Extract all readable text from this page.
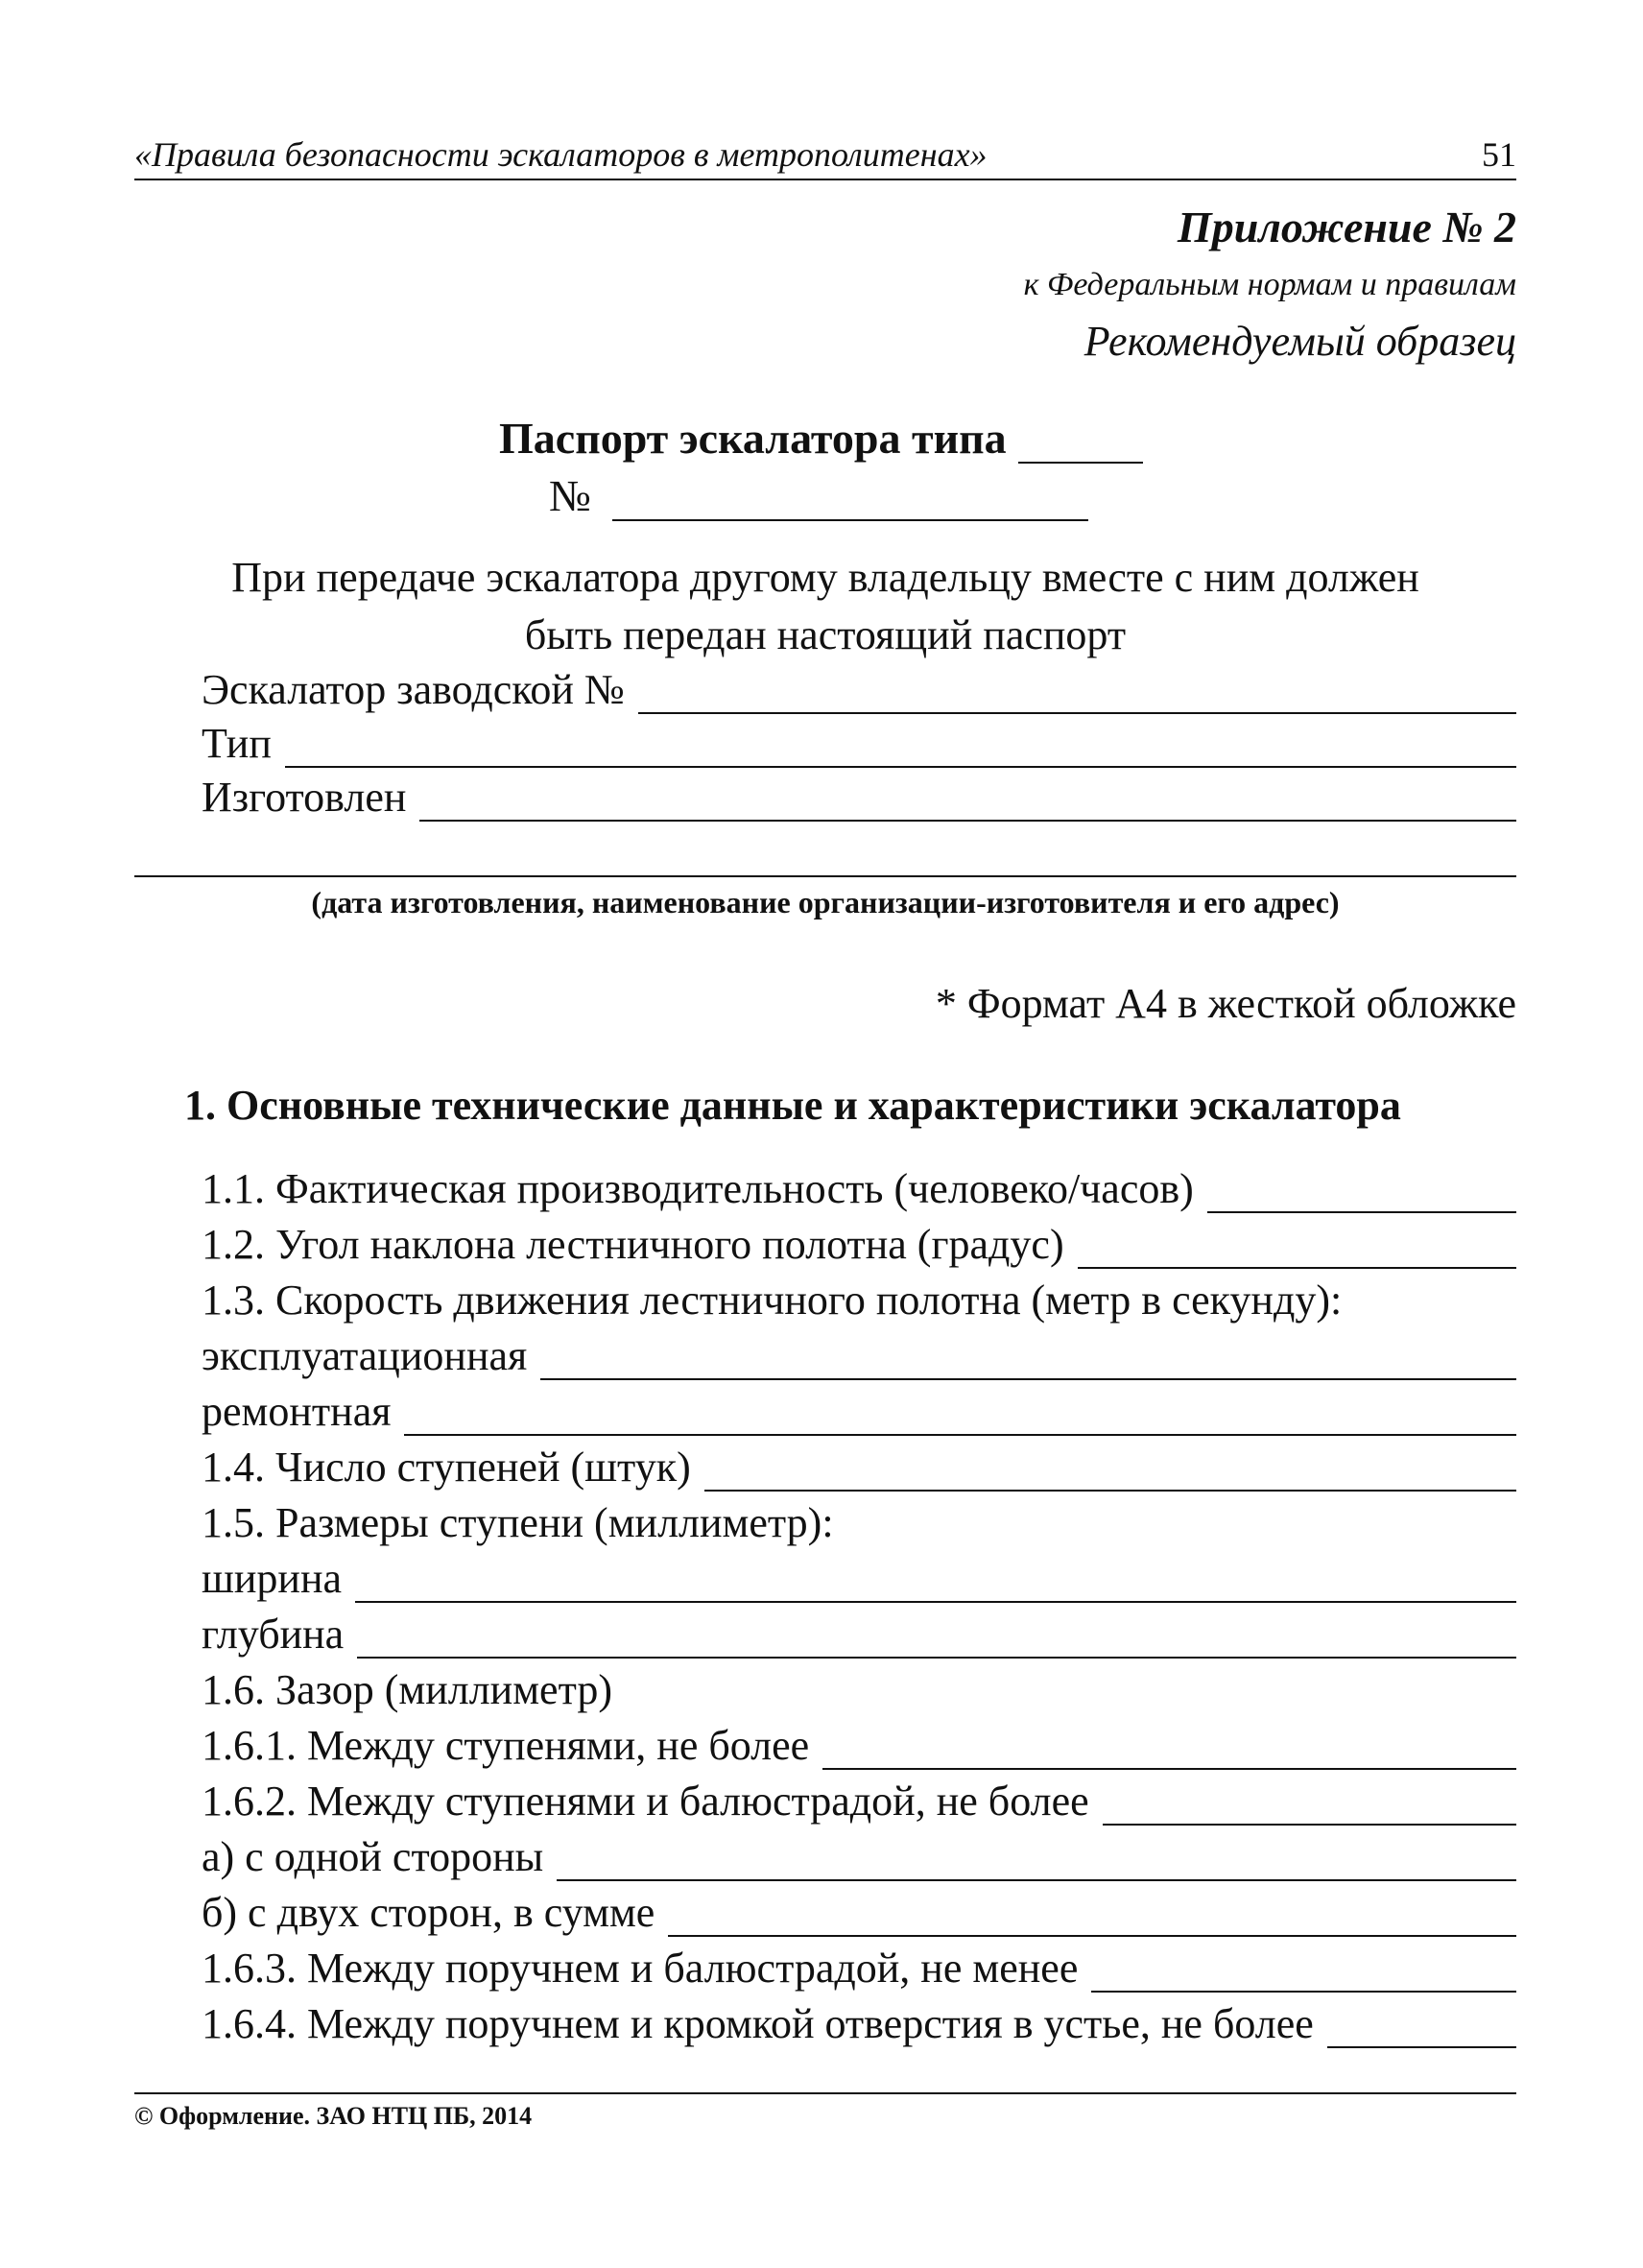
«Правила безопасности эскалаторов в метрополитенах»	51
Приложение № 2
к Федеральным нормам и правилам
Рекомендуемый образец
Паспорт эскалатора типа
№
При передаче эскалатора другому владельцу вместе с ним должен
быть передан настоящий паспорт
Эскалатор заводской №
Тип
Изготовлен
(дата изготовления, наименование организации-изготовителя и его адрес)
* Формат А4 в жесткой обложке
1. Основные технические данные и характеристики эскалатора
1.1. Фактическая производительность (человеко/часов)
1.2. Угол наклона лестничного полотна (градус)
1.3. Скорость движения лестничного полотна (метр в секунду):
эксплуатационная
ремонтная
1.4. Число ступеней (штук)
1.5. Размеры ступени (миллиметр):
ширина
глубина
1.6. Зазор (миллиметр)
1.6.1. Между ступенями, не более
1.6.2. Между ступенями и балюстрадой, не более
а) с одной стороны
б) с двух сторон, в сумме
1.6.3. Между поручнем и балюстрадой, не менее
1.6.4. Между поручнем и кромкой отверстия в устье, не более
© Оформление. ЗАО НТЦ ПБ, 2014
